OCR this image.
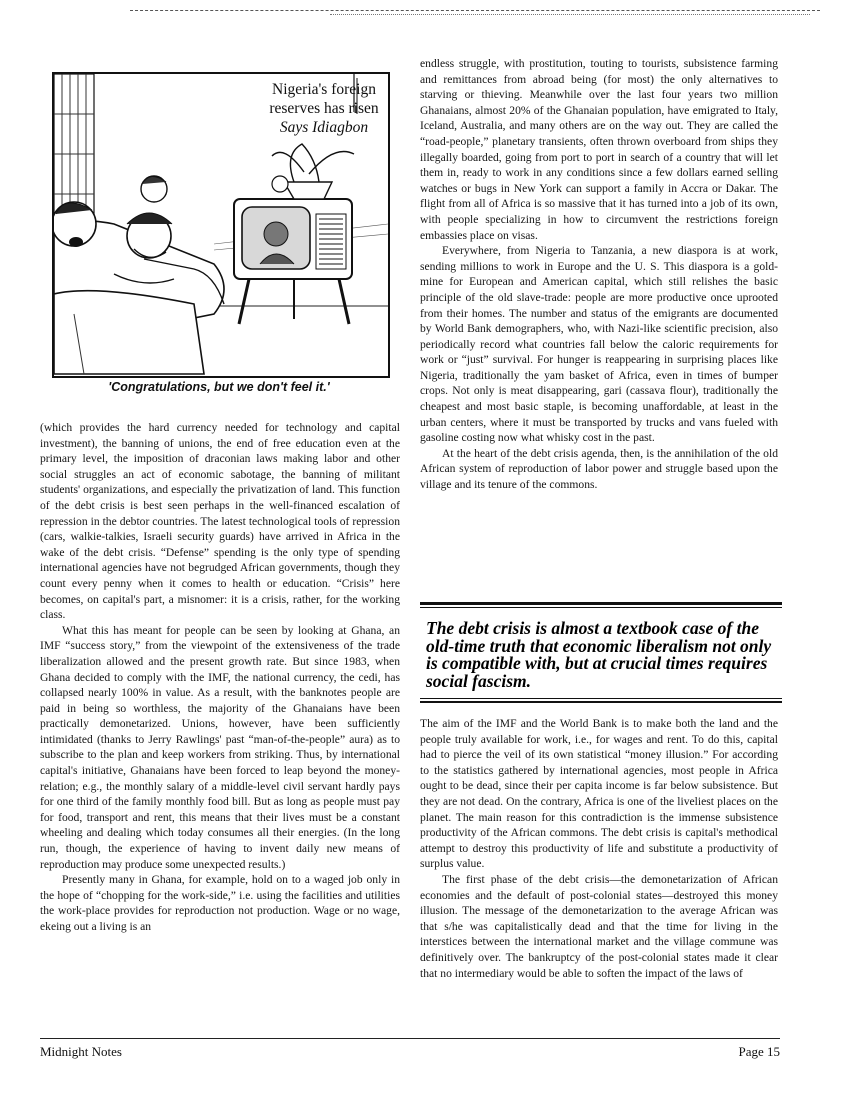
Nigeria's foreign
reserves has risen
Says Idiagbon
'Congratulations, but we don't feel it.'

(which provides the hard currency needed for technology and capital investment), the banning of unions, the end of free education even at the primary level, the imposition of draconian laws making labor and other social struggles an act of economic sabotage, the banning of militant students' organizations, and especially the privatization of land. This function of the debt crisis is best seen perhaps in the well-financed escalation of repression in the debtor countries. The latest technological tools of repression (cars, walkie-talkies, Israeli security guards) have arrived in Africa in the wake of the debt crisis. “Defense” spending is the only type of spending international agencies have not begrudged African governments, though they count every penny when it comes to health or education. “Crisis” here becomes, on capital's part, a misnomer: it is a crisis, rather, for the working class.

What this has meant for people can be seen by looking at Ghana, an IMF “success story,” from the viewpoint of the extensiveness of the trade liberalization allowed and the present growth rate. But since 1983, when Ghana decided to comply with the IMF, the national currency, the cedi, has collapsed nearly 100% in value. As a result, with the banknotes people are paid in being so worthless, the majority of the Ghanaians have been practically demonetarized. Unions, however, have been sufficiently intimidated (thanks to Jerry Rawlings' past “man-of-the-people” aura) as to subscribe to the plan and keep workers from striking. Thus, by international capital's initiative, Ghanaians have been forced to leap beyond the money-relation; e.g., the monthly salary of a middle-level civil servant hardly pays for one third of the family monthly food bill. But as long as people must pay for food, transport and rent, this means that their lives must be a constant wheeling and dealing which today consumes all their energies. (In the long run, though, the experience of having to invent daily new means of reproduction may produce some unexpected results.)

Presently many in Ghana, for example, hold on to a waged job only in the hope of “chopping for the work-side,” i.e. using the facilities and utilities the work-place provides for reproduction not production. Wage or no wage, ekeing out a living is an

endless struggle, with prostitution, touting to tourists, subsistence farming and remittances from abroad being (for most) the only alternatives to starving or thieving. Meanwhile over the last four years two million Ghanaians, almost 20% of the Ghanaian population, have emigrated to Italy, Iceland, Australia, and many others are on the way out. They are called the “road-people,” planetary transients, often thrown overboard from ships they illegally boarded, going from port to port in search of a country that will let them in, ready to work in any conditions since a few dollars earned selling watches or bugs in New York can support a family in Accra or Dakar. The flight from all of Africa is so massive that it has turned into a job of its own, with people specializing in how to circumvent the restrictions foreign embassies place on visas.

Everywhere, from Nigeria to Tanzania, a new diaspora is at work, sending millions to work in Europe and the U. S. This diaspora is a gold-mine for European and American capital, which still relishes the basic principle of the old slave-trade: people are more productive once uprooted from their homes. The number and status of the emigrants are documented by World Bank demographers, who, with Nazi-like scientific precision, also periodically record what countries fall below the caloric requirements for work or “just” survival. For hunger is reappearing in surprising places like Nigeria, traditionally the yam basket of Africa, even in times of bumper crops. Not only is meat disappearing, gari (cassava flour), traditionally the cheapest and most basic staple, is becoming unaffordable, at least in the urban centers, where it must be transported by trucks and vans fueled with gasoline costing now what whisky cost in the past.

At the heart of the debt crisis agenda, then, is the annihilation of the old African system of reproduction of labor power and struggle based upon the village and its tenure of the commons.

The debt crisis is almost a textbook case of the old-time truth that economic liberalism not only is compatible with, but at crucial times requires social fascism.

The aim of the IMF and the World Bank is to make both the land and the people truly available for work, i.e., for wages and rent. To do this, capital had to pierce the veil of its own statistical “money illusion.” For according to the statistics gathered by international agencies, most people in Africa ought to be dead, since their per capita income is far below subsistence. But they are not dead. On the contrary, Africa is one of the liveliest places on the planet. The main reason for this contradiction is the immense subsistence productivity of the African commons. The debt crisis is capital's methodical attempt to destroy this productivity of life and substitute a productivity of surplus value.

The first phase of the debt crisis—the demonetarization of African economies and the default of post-colonial states—destroyed this money illusion. The message of the demonetarization to the average African was that s/he was capitalistically dead and that the time for living in the interstices between the international market and the village commune was definitively over. The bankruptcy of the post-colonial states made it clear that no intermediary would be able to soften the impact of the laws of

Midnight Notes	Page 15
